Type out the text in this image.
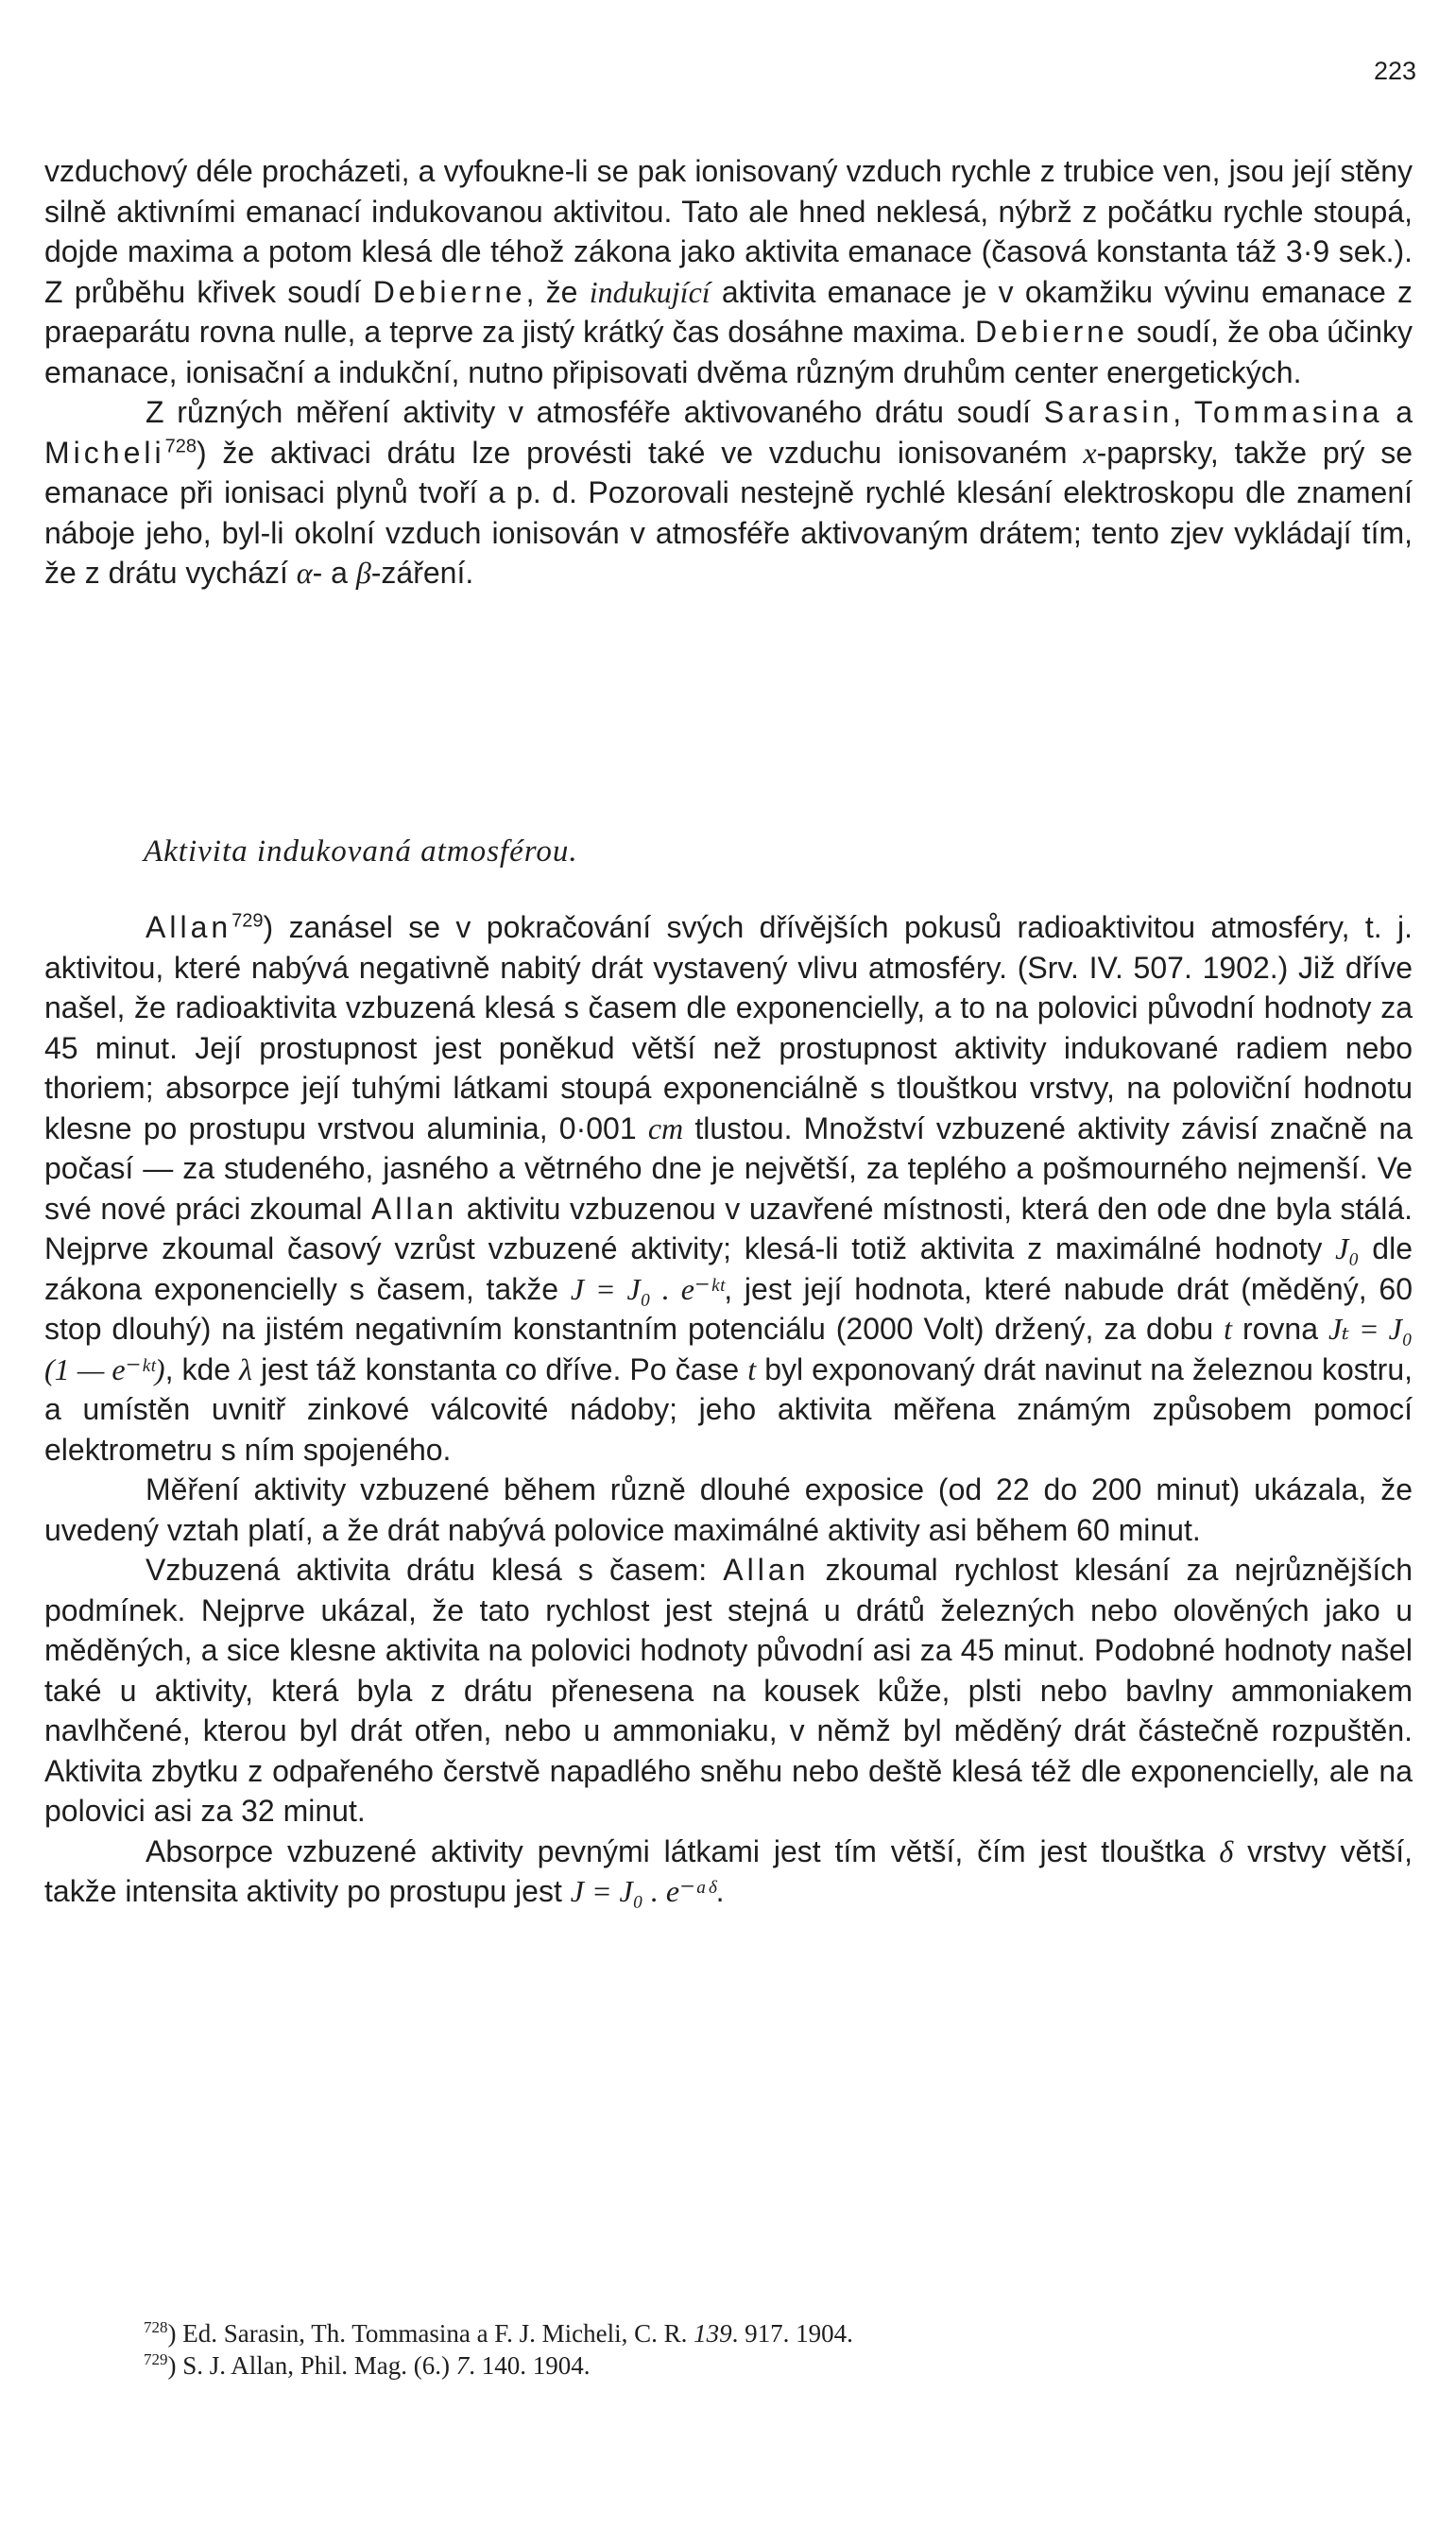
223

vzduchový déle procházeti, a vyfoukne-li se pak ionisovaný vzduch rychle z trubice ven, jsou její stěny silně aktivními emanací indukovanou aktivitou. Tato ale hned neklesá, nýbrž z počátku rychle stoupá, dojde maxima a potom klesá dle téhož zákona jako aktivita emanace (časová konstanta táž 3·9 sek.). Z průběhu křivek soudí Debierne, že indukující aktivita emanace je v okamžiku vývinu emanace z praeparátu rovna nulle, a teprve za jistý krátký čas dosáhne maxima. Debierne soudí, že oba účinky emanace, ionisační a indukční, nutno připisovati dvěma různým druhům center energetických.

Z různých měření aktivity v atmosféře aktivovaného drátu soudí Sarasin, Tommasina a Micheli$^{728}$) že aktivaci drátu lze provésti také ve vzduchu ionisovaném x-paprsky, takže prý se emanace při ionisaci plynů tvoří a p. d. Pozorovali nestejně rychlé klesání elektroskopu dle znamení náboje jeho, byl-li okolní vzduch ionisován v atmosféře aktivovaným drátem; tento zjev vykládají tím, že z drátu vychází α- a β-záření.

Aktivita indukovaná atmosférou.

Allan$^{729}$) zanásel se v pokračování svých dřívějších pokusů radioaktivitou atmosféry, t. j. aktivitou, které nabývá negativně nabitý drát vystavený vlivu atmosféry. (Srv. IV. 507. 1902.) Již dříve našel, že radioaktivita vzbuzená klesá s časem dle exponencielly, a to na polovici původní hodnoty za 45 minut. Její prostupnost jest poněkud větší než prostupnost aktivity indukované radiem nebo thoriem; absorpce její tuhými látkami stoupá exponenciálně s tlouštkou vrstvy, na poloviční hodnotu klesne po prostupu vrstvou aluminia, 0·001 cm tlustou. Množství vzbuzené aktivity závisí značně na počasí — za studeného, jasného a větrného dne je největší, za teplého a pošmourného nejmenší. Ve své nové práci zkoumal Allan aktivitu vzbuzenou v uzavřené místnosti, která den ode dne byla stálá. Nejprve zkoumal časový vzrůst vzbuzené aktivity; klesá-li totiž aktivita z maximálné hodnoty J₀ dle zákona exponencielly s časem, takže J = J₀ . e⁻ᵏᵗ, jest její hodnota, které nabude drát (měděný, 60 stop dlouhý) na jistém negativním konstantním potenciálu (2000 Volt) držený, za dobu t rovna Jₜ = J₀ (1 — e⁻ᵏᵗ), kde λ jest táž konstanta co dříve. Po čase t byl exponovaný drát navinut na železnou kostru, a umístěn uvnitř zinkové válcovité nádoby; jeho aktivita měřena známým způsobem pomocí elektrometru s ním spojeného.

Měření aktivity vzbuzené během různě dlouhé exposice (od 22 do 200 minut) ukázala, že uvedený vztah platí, a že drát nabývá polovice maximálné aktivity asi během 60 minut.

Vzbuzená aktivita drátu klesá s časem: Allan zkoumal rychlost klesání za nejrůznějších podmínek. Nejprve ukázal, že tato rychlost jest stejná u drátů železných nebo olověných jako u měděných, a sice klesne aktivita na polovici hodnoty původní asi za 45 minut. Podobné hodnoty našel také u aktivity, která byla z drátu přenesena na kousek kůže, plsti nebo bavlny ammoniakem navlhčené, kterou byl drát otřen, nebo u ammoniaku, v němž byl měděný drát částečně rozpuštěn. Aktivita zbytku z odpařeného čerstvě napadlého sněhu nebo deště klesá též dle exponencielly, ale na polovici asi za 32 minut.

Absorpce vzbuzené aktivity pevnými látkami jest tím větší, čím jest tlouštka δ vrstvy větší, takže intensita aktivity po prostupu jest J = J₀ . e⁻ᵃᵟ.

$^{728}$) Ed. Sarasin, Th. Tommasina a F. J. Micheli, C. R. 139. 917. 1904.

$^{729}$) S. J. Allan, Phil. Mag. (6.) 7. 140. 1904.
